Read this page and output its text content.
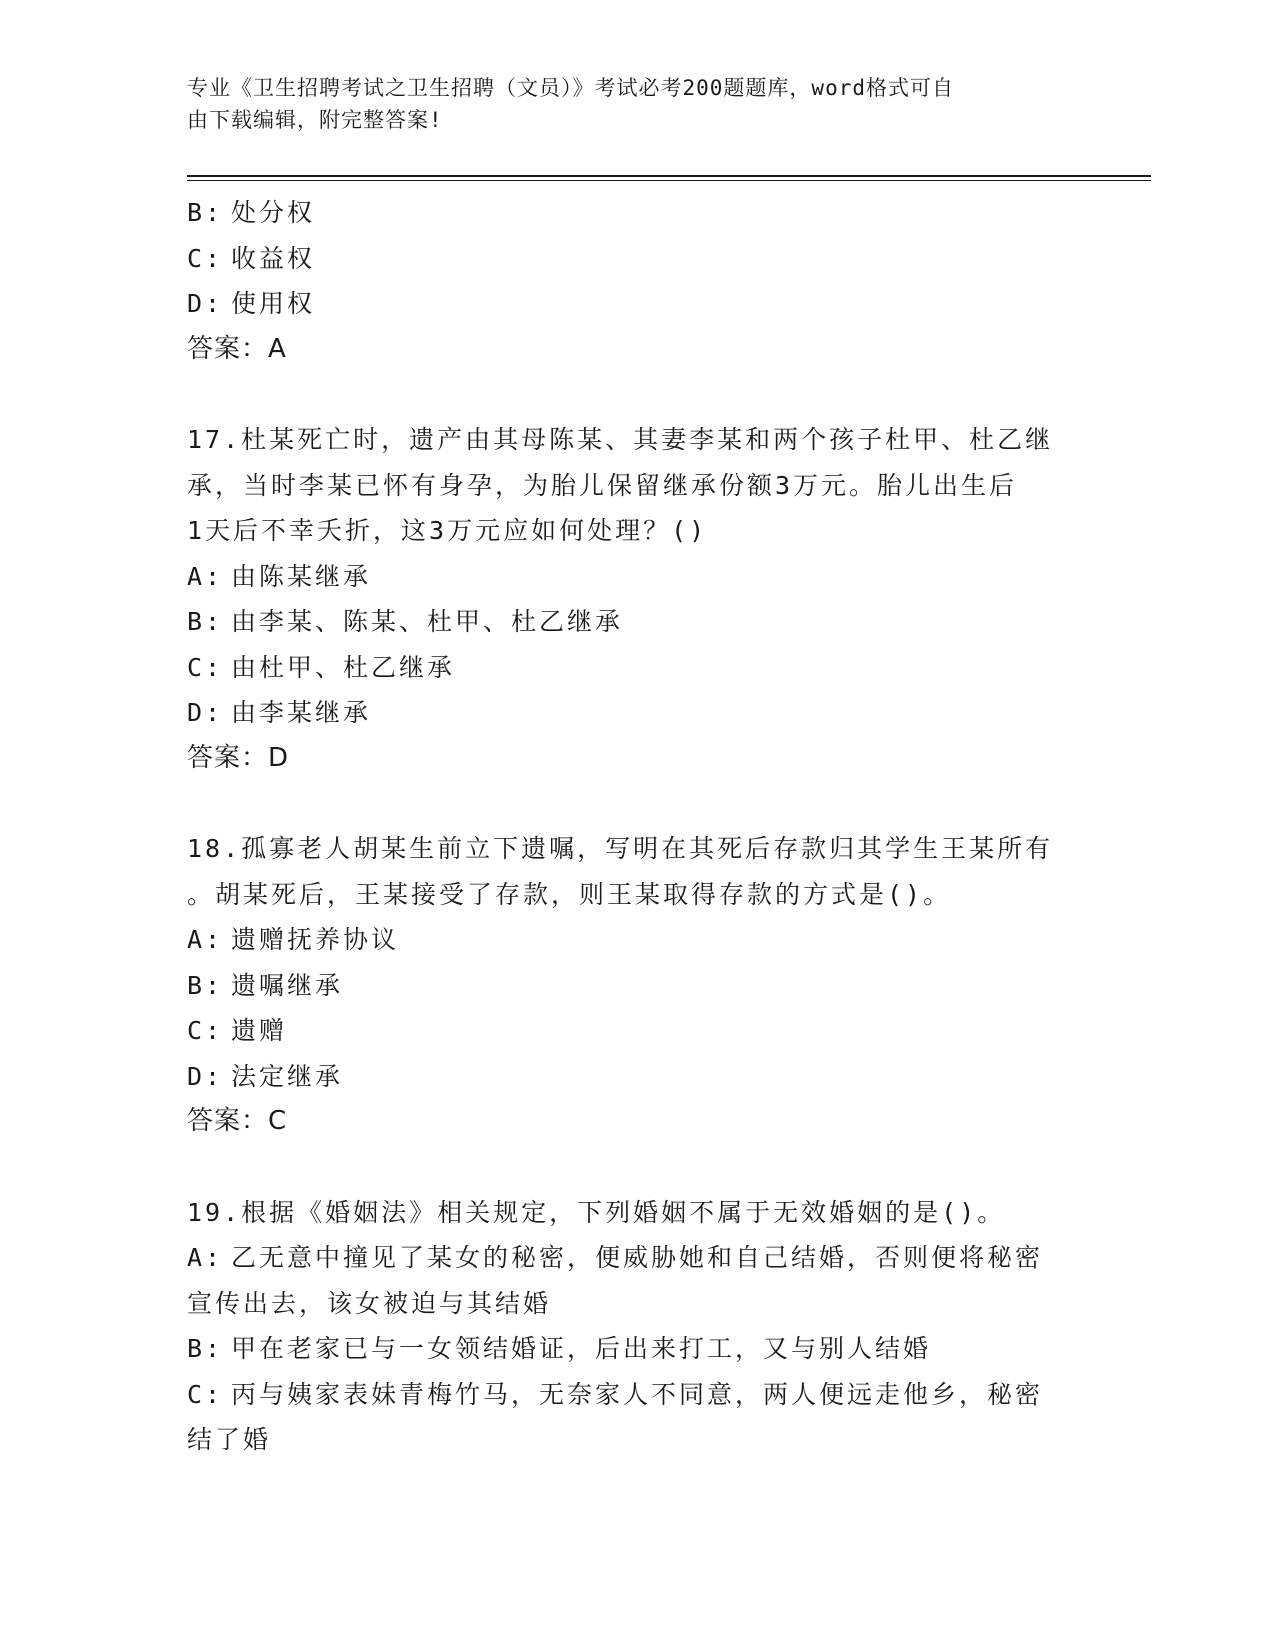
专业《卫生招聘考试之卫生招聘（文员）》考试必考200题题库，word格式可自
由下载编辑，附完整答案!
B: 处分权
C: 收益权
D: 使用权
答案：A
17.杜某死亡时，遗产由其母陈某、其妻李某和两个孩子杜甲、杜乙继
承，当时李某已怀有身孕，为胎儿保留继承份额3万元。胎儿出生后
1天后不幸夭折，这3万元应如何处理？()
A: 由陈某继承
B: 由李某、陈某、杜甲、杜乙继承
C: 由杜甲、杜乙继承
D: 由李某继承
答案：D
18.孤寡老人胡某生前立下遗嘱，写明在其死后存款归其学生王某所有
。胡某死后，王某接受了存款，则王某取得存款的方式是()。
A: 遗赠抚养协议
B: 遗嘱继承
C: 遗赠
D: 法定继承
答案：C
19.根据《婚姻法》相关规定，下列婚姻不属于无效婚姻的是()。
A: 乙无意中撞见了某女的秘密，便威胁她和自己结婚，否则便将秘密
宣传出去，该女被迫与其结婚
B: 甲在老家已与一女领结婚证，后出来打工，又与别人结婚
C: 丙与姨家表妹青梅竹马，无奈家人不同意，两人便远走他乡，秘密
结了婚
